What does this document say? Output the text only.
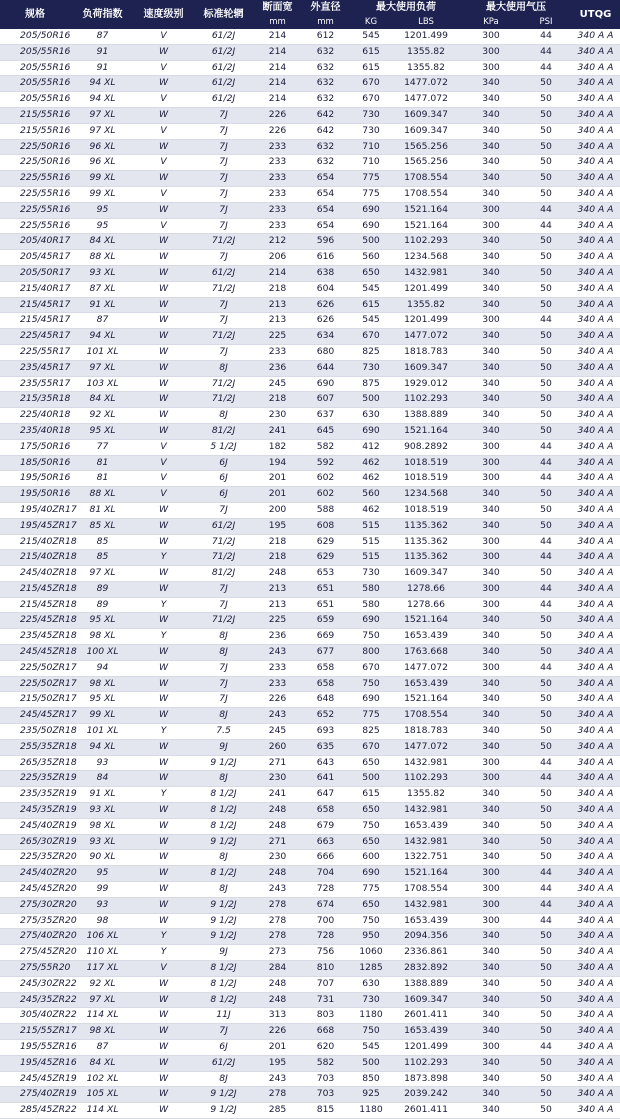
规格	负荷指数	速度级别	标准轮辋	断面宽	外直径	最大使用负荷		最大使用气压		UTQG
				mm	mm	KG	LBS	KPa	PSI	
205/50R16	87	V	61/2J	214	612	545	1201.499	300	44	340 A A
205/55R16	91	W	61/2J	214	632	615	1355.82	300	44	340 A A
205/55R16	91	V	61/2J	214	632	615	1355.82	300	44	340 A A
205/55R16	94 XL	W	61/2J	214	632	670	1477.072	340	50	340 A A
205/55R16	94 XL	V	61/2J	214	632	670	1477.072	340	50	340 A A
215/55R16	97 XL	W	7J	226	642	730	1609.347	340	50	340 A A
215/55R16	97 XL	V	7J	226	642	730	1609.347	340	50	340 A A
225/50R16	96 XL	W	7J	233	632	710	1565.256	340	50	340 A A
225/50R16	96 XL	V	7J	233	632	710	1565.256	340	50	340 A A
225/55R16	99 XL	W	7J	233	654	775	1708.554	340	50	340 A A
225/55R16	99 XL	V	7J	233	654	775	1708.554	340	50	340 A A
225/55R16	95	W	7J	233	654	690	1521.164	300	44	340 A A
225/55R16	95	V	7J	233	654	690	1521.164	300	44	340 A A
205/40R17	84 XL	W	71/2J	212	596	500	1102.293	340	50	340 A A
205/45R17	88 XL	W	7J	206	616	560	1234.568	340	50	340 A A
205/50R17	93 XL	W	61/2J	214	638	650	1432.981	340	50	340 A A
215/40R17	87 XL	W	71/2J	218	604	545	1201.499	340	50	340 A A
215/45R17	91 XL	W	7J	213	626	615	1355.82	340	50	340 A A
215/45R17	87	W	7J	213	626	545	1201.499	300	44	340 A A
225/45R17	94 XL	W	71/2J	225	634	670	1477.072	340	50	340 A A
225/55R17	101 XL	W	7J	233	680	825	1818.783	340	50	340 A A
235/45R17	97 XL	W	8J	236	644	730	1609.347	340	50	340 A A
235/55R17	103 XL	W	71/2J	245	690	875	1929.012	340	50	340 A A
215/35R18	84 XL	W	71/2J	218	607	500	1102.293	340	50	340 A A
225/40R18	92 XL	W	8J	230	637	630	1388.889	340	50	340 A A
235/40R18	95 XL	W	81/2J	241	645	690	1521.164	340	50	340 A A
175/50R16	77	V	5 1/2J	182	582	412	908.2892	300	44	340 A A
185/50R16	81	V	6J	194	592	462	1018.519	300	44	340 A A
195/50R16	81	V	6J	201	602	462	1018.519	300	44	340 A A
195/50R16	88 XL	V	6J	201	602	560	1234.568	340	50	340 A A
195/40ZR17	81 XL	W	7J	200	588	462	1018.519	340	50	340 A A
195/45ZR17	85 XL	W	61/2J	195	608	515	1135.362	340	50	340 A A
215/40ZR18	85	W	71/2J	218	629	515	1135.362	300	44	340 A A
215/40ZR18	85	Y	71/2J	218	629	515	1135.362	300	44	340 A A
245/40ZR18	97 XL	W	81/2J	248	653	730	1609.347	340	50	340 A A
215/45ZR18	89	W	7J	213	651	580	1278.66	300	44	340 A A
215/45ZR18	89	Y	7J	213	651	580	1278.66	300	44	340 A A
225/45ZR18	95 XL	W	71/2J	225	659	690	1521.164	340	50	340 A A
235/45ZR18	98 XL	Y	8J	236	669	750	1653.439	340	50	340 A A
245/45ZR18	100 XL	W	8J	243	677	800	1763.668	340	50	340 A A
225/50ZR17	94	W	7J	233	658	670	1477.072	300	44	340 A A
225/50ZR17	98 XL	W	7J	233	658	750	1653.439	340	50	340 A A
215/50ZR17	95 XL	W	7J	226	648	690	1521.164	340	50	340 A A
245/45ZR17	99 XL	W	8J	243	652	775	1708.554	340	50	340 A A
235/50ZR18	101 XL	Y	7.5	245	693	825	1818.783	340	50	340 A A
255/35ZR18	94 XL	W	9J	260	635	670	1477.072	340	50	340 A A
265/35ZR18	93	W	9 1/2J	271	643	650	1432.981	300	44	340 A A
225/35ZR19	84	W	8J	230	641	500	1102.293	300	44	340 A A
235/35ZR19	91 XL	Y	8 1/2J	241	647	615	1355.82	340	50	340 A A
245/35ZR19	93 XL	W	8 1/2J	248	658	650	1432.981	340	50	340 A A
245/40ZR19	98 XL	W	8 1/2J	248	679	750	1653.439	340	50	340 A A
265/30ZR19	93 XL	W	9 1/2J	271	663	650	1432.981	340	50	340 A A
225/35ZR20	90 XL	W	8J	230	666	600	1322.751	340	50	340 A A
245/40ZR20	95	W	8 1/2J	248	704	690	1521.164	300	44	340 A A
245/45ZR20	99	W	8J	243	728	775	1708.554	300	44	340 A A
275/30ZR20	93	W	9 1/2J	278	674	650	1432.981	300	44	340 A A
275/35ZR20	98	W	9 1/2J	278	700	750	1653.439	300	44	340 A A
275/40ZR20	106 XL	Y	9 1/2J	278	728	950	2094.356	340	50	340 A A
275/45ZR20	110 XL	Y	9J	273	756	1060	2336.861	340	50	340 A A
275/55R20	117 XL	V	8 1/2J	284	810	1285	2832.892	340	50	340 A A
245/30ZR22	92 XL	W	8 1/2J	248	707	630	1388.889	340	50	340 A A
245/35ZR22	97 XL	W	8 1/2J	248	731	730	1609.347	340	50	340 A A
305/40ZR22	114 XL	W	11J	313	803	1180	2601.411	340	50	340 A A
215/55ZR17	98 XL	W	7J	226	668	750	1653.439	340	50	340 A A
195/55ZR16	87	W	6J	201	620	545	1201.499	300	44	340 A A
195/45ZR16	84 XL	W	61/2J	195	582	500	1102.293	340	50	340 A A
245/45ZR19	102 XL	W	8J	243	703	850	1873.898	340	50	340 A A
275/40ZR19	105 XL	W	9 1/2J	278	703	925	2039.242	340	50	340 A A
285/45ZR22	114 XL	W	9 1/2J	285	815	1180	2601.411	340	50	340 A A
